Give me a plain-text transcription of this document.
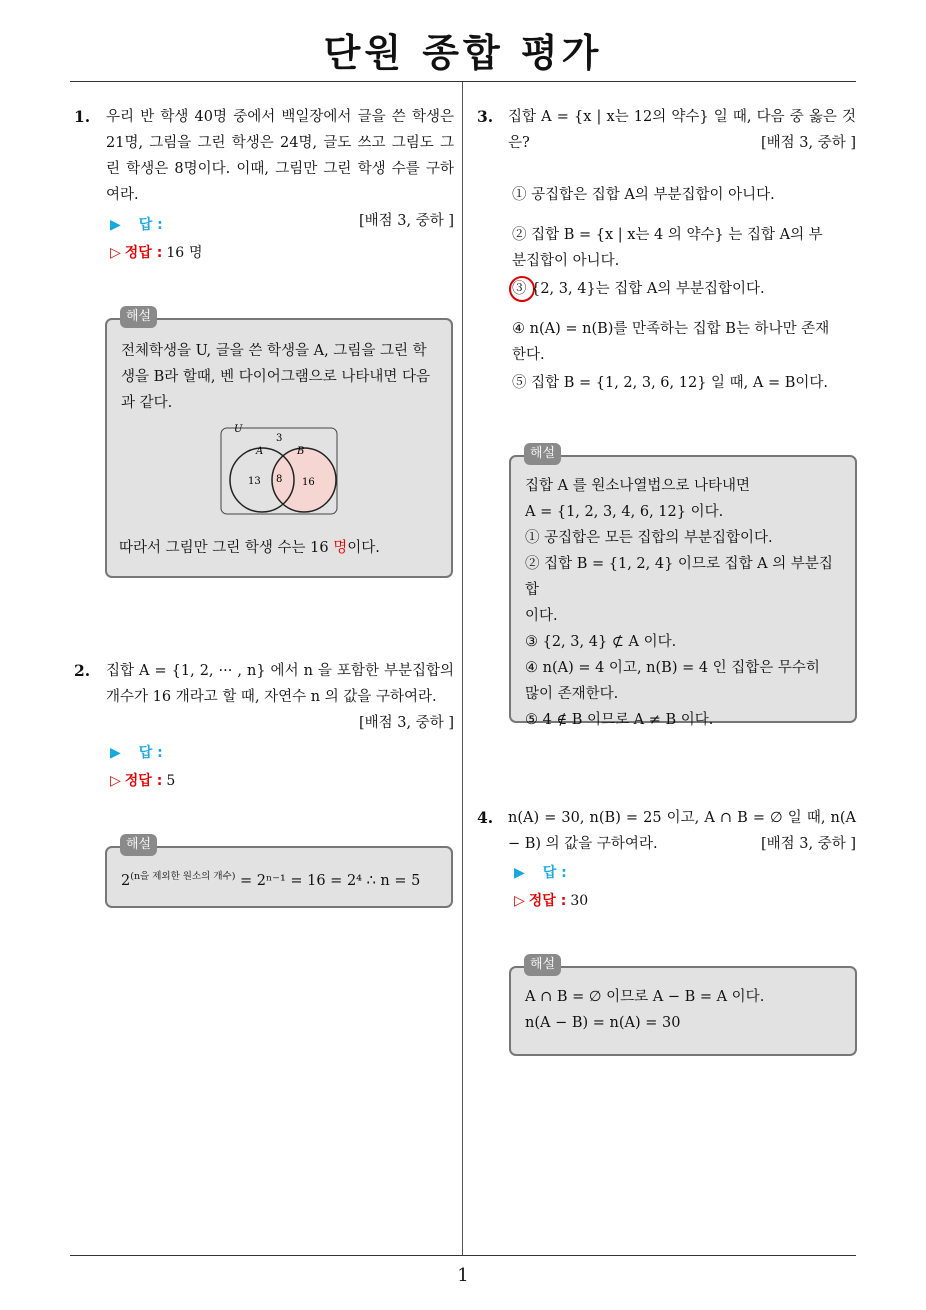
단원 종합 평가
1
1. 우리 반 학생 40명 중에서 백일장에서 글을 쓴 학생은 21명, 그림을 그린 학생은 24명, 글도 쓰고 그림도 그린 학생은 8명이다. 이때, 그림만 그린 학생 수를 구하여라.
[배점 3, 중하 ]
▶ 답 :
▷ 정답 : 16 명
전체학생을 U, 글을 쓴 학생을 A, 그림을 그린 학생을 B라 할때, 벤 다이어그램으로 나타내면 다음과 같다.
해설
U
3
A	B
13 8 16
따라서 그림만 그린 학생 수는 16 명이다.
2. 집합 A = {1, 2, ··· , n} 에서 n 을 포함한 부분집합의 개수가 16 개라고 할 때, 자연수 n 의 값을 구하여라.
[배점 3, 중하 ]
▶ 답 :
▷ 정답 : 5
$2^{(n을 제외한 원소의 개수)} = 2^{n-1} = 16 = 2^4$ ∴ n = 5
해설
3. 집합 A = {x | x는 12의 약수} 일 때, 다음 중 옳은 것은?	[배점 3, 중하 ]
① 공집합은 집합 A의 부분집합이 아니다.
② 집합 B = {x | x는 4 의 약수} 는 집합 A의 부분집합이 아니다.
③ {2, 3, 4}는 집합 A의 부분집합이다.
④ n(A) = n(B)를 만족하는 집합 B는 하나만 존재한다.
⑤ 집합 B = {1, 2, 3, 6, 12} 일 때, A = B이다.
집합 A 를 원소나열법으로 나타내면
A = {1, 2, 3, 4, 6, 12} 이다.
① 공집합은 모든 집합의 부분집합이다.
② 집합 B = {1, 2, 4} 이므로 집합 A 의 부분집합
이다.
③ {2, 3, 4} ⊄ A 이다.
④ n(A) = 4 이고, n(B) = 4 인 집합은 무수히
많이 존재한다.
⑤ 4 ∉ B 이므로 A ≠ B 이다.
해설
4. n(A) = 30, n(B) = 25 이고, A ∩ B = ∅ 일 때, n(A − B) 의 값을 구하여라.	[배점 3, 중하 ]
▶ 답 :
▷ 정답 : 30
A ∩ B = ∅ 이므로 A − B = A 이다.
n(A − B) = n(A) = 30
해설
